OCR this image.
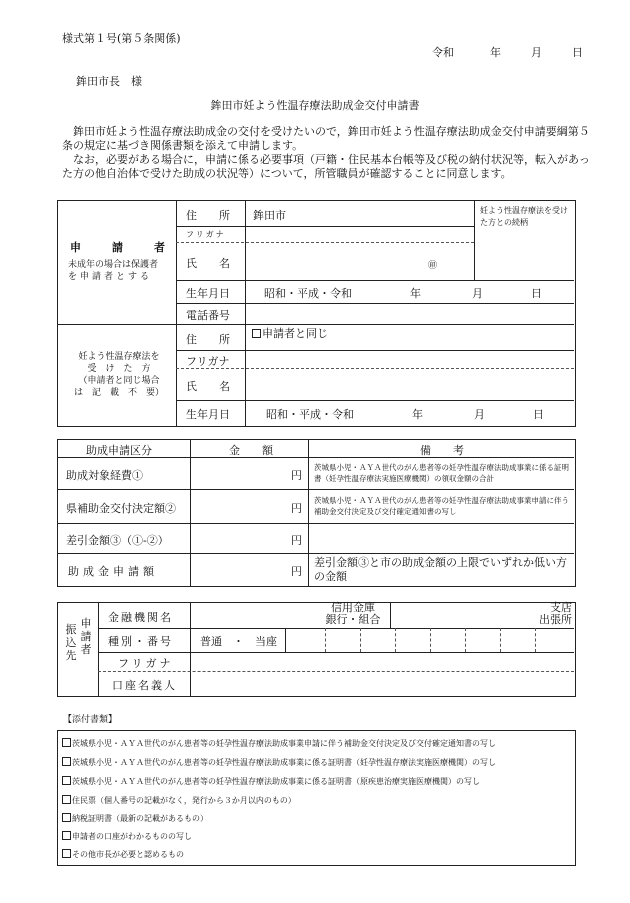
様式第１号(第５条関係)
令和	年	月	日
鉾田市長　様
鉾田市妊よう性温存療法助成金交付申請書
　鉾田市妊よう性温存療法助成金の交付を受けたいので，鉾田市妊よう性温存療法助成金交付申請要綱第５条の規定に基づき関係書類を添えて申請します。
　なお，必要がある場合に，申請に係る必要事項（戸籍・住民基本台帳等及び税の納付状況等，転入があった方の他自治体で受けた助成の状況等）について，所管職員が確認することに同意します。
申　請　者
未成年の場合は保護者
を申請者とする
住　　所 鉾田市
フリガナ
氏　　名	㊞
妊よう性温存療法を受けた方との続柄
生年月日	昭和・平成・令和	年	月	日
電話番号
妊よう性温存療法を
受　け　た　方
（申請者と同じ場合
は　記　載　不　要）
住　　所	申請者と同じ
フリガナ
氏　　名
生年月日	昭和・平成・令和	年	月	日
助成申請区分	金　　額	備　　考
助成対象経費①	円
茨城県小児・ＡＹＡ世代のがん患者等の妊孕性温存療法助成事業に係る証明書（妊孕性温存療法実施医療機関）の領収金額の合計
県補助金交付決定額②	円
茨城県小児・ＡＹＡ世代のがん患者等の妊孕性温存療法助成事業申請に伴う補助金交付決定及び交付確定通知書の写し
差引金額③（①-②）	円
助成金申請額	円
差引金額③と市の助成金額の上限でいずれか低い方の金額
振
込
先
申
請
者
金融機関名
信用金庫
銀行・組合
支店
出張所
種別・番号 普通　・　当座
フリガナ
口座名義人
【添付書類】
茨城県小児・ＡＹＡ世代のがん患者等の妊孕性温存療法助成事業申請に伴う補助金交付決定及び交付確定通知書の写し
茨城県小児・ＡＹＡ世代のがん患者等の妊孕性温存療法助成事業に係る証明書（妊孕性温存療法実施医療機関）の写し
茨城県小児・ＡＹＡ世代のがん患者等の妊孕性温存療法助成事業に係る証明書（原疾患治療実施医療機関）の写し
住民票（個人番号の記載がなく，発行から３か月以内のもの）
納税証明書（最新の記載があるもの）
申請者の口座がわかるものの写し
その他市長が必要と認めるもの
